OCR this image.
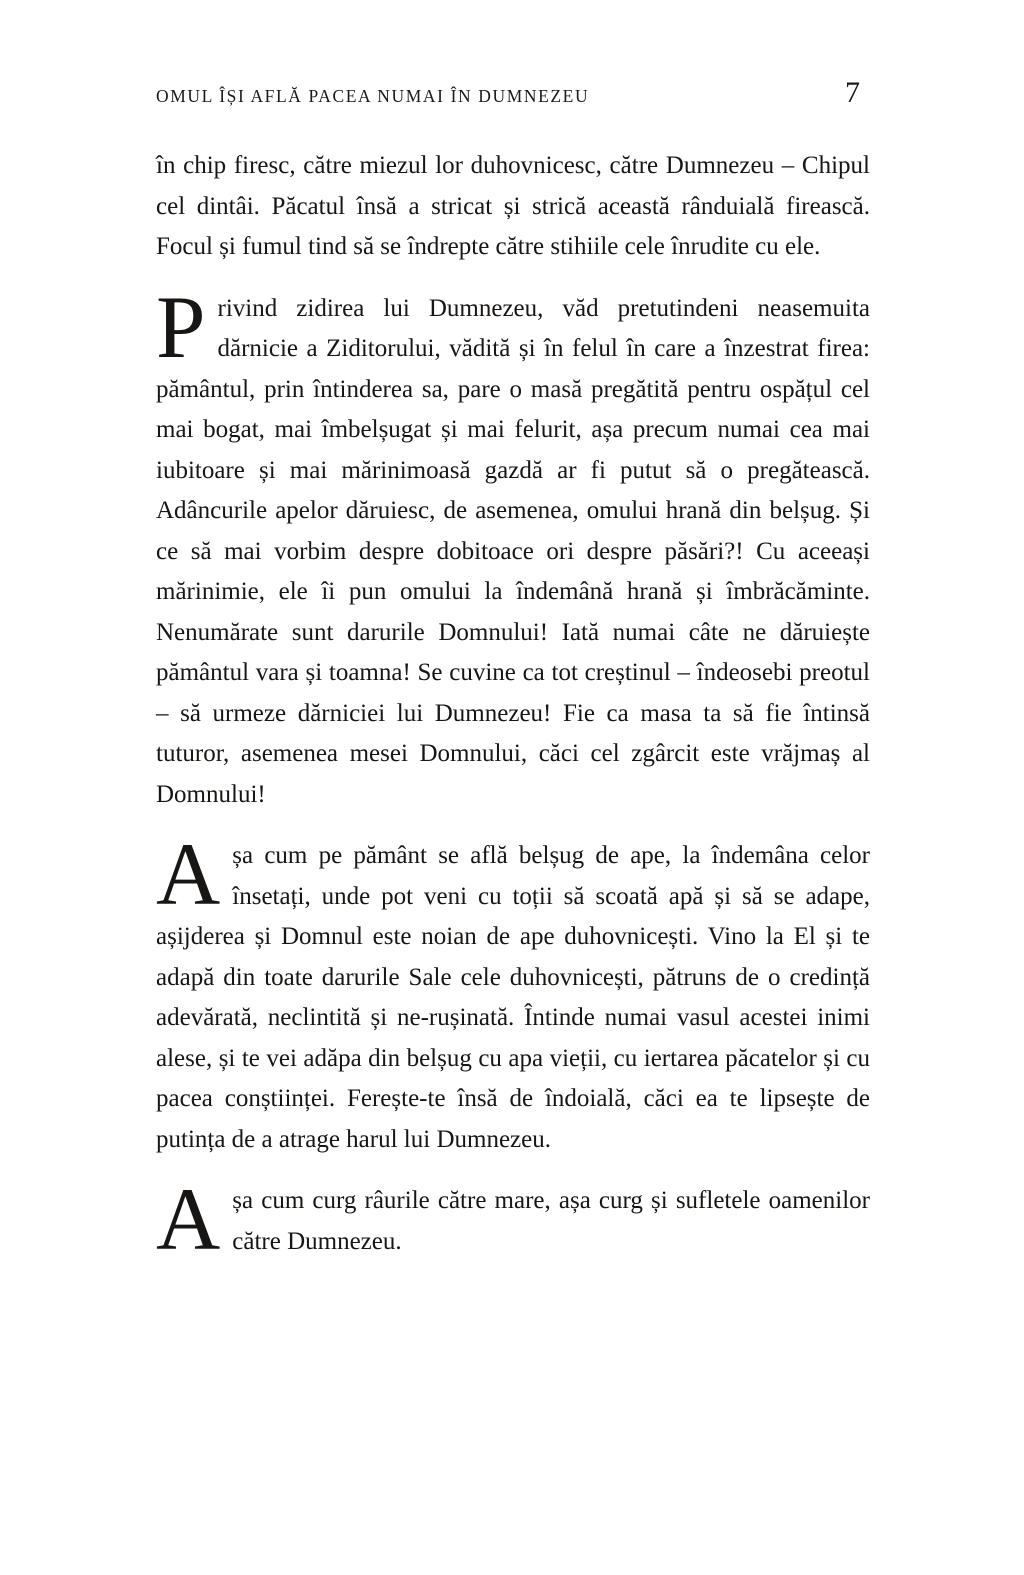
OMUL ÎȘI AFLĂ PACEA NUMAI ÎN DUMNEZEU	7

în chip firesc, către miezul lor duhovnicesc, către Dumnezeu – Chipul cel dintâi. Păcatul însă a stricat și strică această rânduială firească. Focul și fumul tind să se îndrepte către stihiile cele înrudite cu ele.

Privind zidirea lui Dumnezeu, văd pretutindeni neasemuita dărnicie a Ziditorului, vădită și în felul în care a înzestrat firea: pământul, prin întinderea sa, pare o masă pregătită pentru ospățul cel mai bogat, mai îmbelșugat și mai felurit, așa precum numai cea mai iubitoare și mai mărinimoasă gazdă ar fi putut să o pregătească. Adâncurile apelor dăruiesc, de asemenea, omului hrană din belșug. Și ce să mai vorbim despre dobitoace ori despre păsări?! Cu aceeași mărinimie, ele îi pun omului la îndemână hrană și îmbrăcăminte. Nenumărate sunt darurile Domnului! Iată numai câte ne dăruiește pământul vara și toamna! Se cuvine ca tot creștinul – îndeosebi preotul – să urmeze dărniciei lui Dumnezeu! Fie ca masa ta să fie întinsă tuturor, asemenea mesei Domnului, căci cel zgârcit este vrăjmaș al Domnului!

Așa cum pe pământ se află belșug de ape, la îndemâna celor însetați, unde pot veni cu toții să scoată apă și să se adape, așijderea și Domnul este noian de ape duhovnicești. Vino la El și te adapă din toate darurile Sale cele duhovnicești, pătruns de o credință adevărată, neclintită și ne-rușinată. Întinde numai vasul acestei inimi alese, și te vei adăpa din belșug cu apa vieții, cu iertarea păcatelor și cu pacea conștiinței. Ferește-te însă de îndoială, căci ea te lipsește de putința de a atrage harul lui Dumnezeu.

Așa cum curg râurile către mare, așa curg și sufletele oamenilor către Dumnezeu.
